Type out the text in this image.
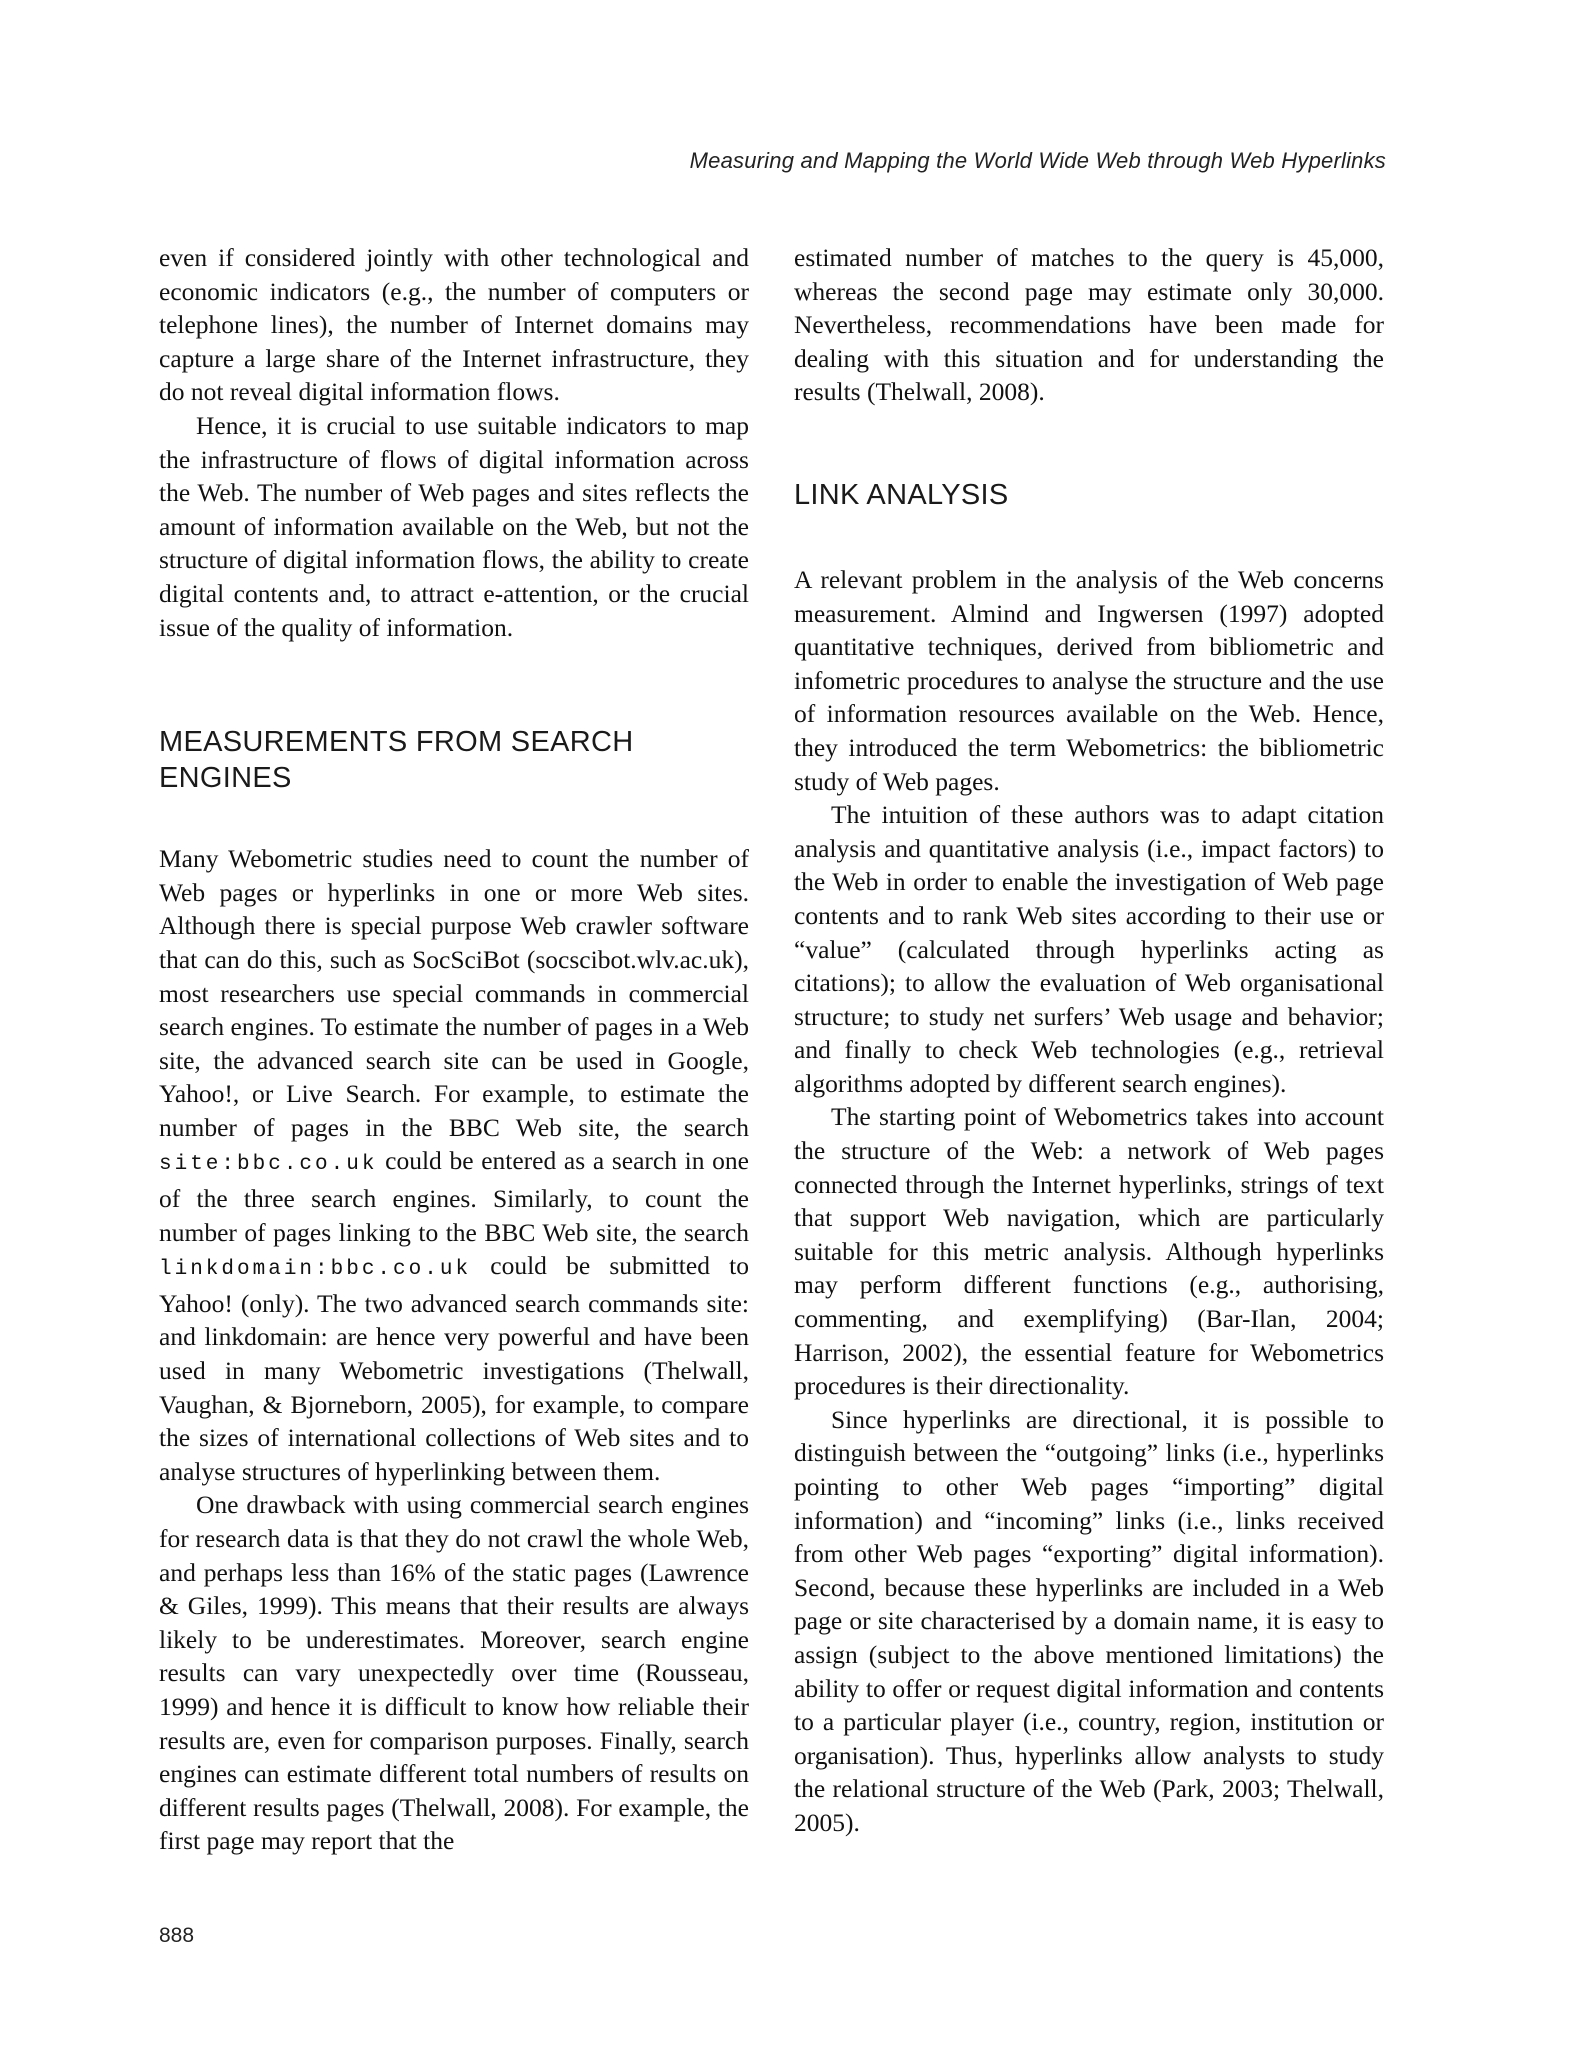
Measuring and Mapping the World Wide Web through Web Hyperlinks

even if considered jointly with other technological and economic indicators (e.g., the number of computers or telephone lines), the number of Internet domains may capture a large share of the Internet infrastructure, they do not reveal digital information flows.

Hence, it is crucial to use suitable indicators to map the infrastructure of flows of digital information across the Web. The number of Web pages and sites reflects the amount of information available on the Web, but not the structure of digital information flows, the ability to create digital contents and, to attract e-attention, or the crucial issue of the quality of information.

MEASUREMENTS FROM SEARCH ENGINES

Many Webometric studies need to count the number of Web pages or hyperlinks in one or more Web sites. Although there is special purpose Web crawler software that can do this, such as SocSciBot (socscibot.wlv.ac.uk), most researchers use special commands in commercial search engines. To estimate the number of pages in a Web site, the advanced search site can be used in Google, Yahoo!, or Live Search. For example, to estimate the number of pages in the BBC Web site, the search site:bbc.co.uk could be entered as a search in one of the three search engines. Similarly, to count the number of pages linking to the BBC Web site, the search linkdomain:bbc.co.uk could be submitted to Yahoo! (only). The two advanced search commands site: and linkdomain: are hence very powerful and have been used in many Webometric investigations (Thelwall, Vaughan, & Bjorneborn, 2005), for example, to compare the sizes of international collections of Web sites and to analyse structures of hyperlinking between them.

One drawback with using commercial search engines for research data is that they do not crawl the whole Web, and perhaps less than 16% of the static pages (Lawrence & Giles, 1999). This means that their results are always likely to be underestimates. Moreover, search engine results can vary unexpectedly over time (Rousseau, 1999) and hence it is difficult to know how reliable their results are, even for comparison purposes. Finally, search engines can estimate different total numbers of results on different results pages (Thelwall, 2008). For example, the first page may report that the

estimated number of matches to the query is 45,000, whereas the second page may estimate only 30,000. Nevertheless, recommendations have been made for dealing with this situation and for understanding the results (Thelwall, 2008).

LINK ANALYSIS

A relevant problem in the analysis of the Web concerns measurement. Almind and Ingwersen (1997) adopted quantitative techniques, derived from bibliometric and infometric procedures to analyse the structure and the use of information resources available on the Web. Hence, they introduced the term Webometrics: the bibliometric study of Web pages.

The intuition of these authors was to adapt citation analysis and quantitative analysis (i.e., impact factors) to the Web in order to enable the investigation of Web page contents and to rank Web sites according to their use or “value” (calculated through hyperlinks acting as citations); to allow the evaluation of Web organisational structure; to study net surfers’ Web usage and behavior; and finally to check Web technologies (e.g., retrieval algorithms adopted by different search engines).

The starting point of Webometrics takes into account the structure of the Web: a network of Web pages connected through the Internet hyperlinks, strings of text that support Web navigation, which are particularly suitable for this metric analysis. Although hyperlinks may perform different functions (e.g., authorising, commenting, and exemplifying) (Bar-Ilan, 2004; Harrison, 2002), the essential feature for Webometrics procedures is their directionality.

Since hyperlinks are directional, it is possible to distinguish between the “outgoing” links (i.e., hyperlinks pointing to other Web pages “importing” digital information) and “incoming” links (i.e., links received from other Web pages “exporting” digital information). Second, because these hyperlinks are included in a Web page or site characterised by a domain name, it is easy to assign (subject to the above mentioned limitations) the ability to offer or request digital information and contents to a particular player (i.e., country, region, institution or organisation). Thus, hyperlinks allow analysts to study the relational structure of the Web (Park, 2003; Thelwall, 2005).

888
